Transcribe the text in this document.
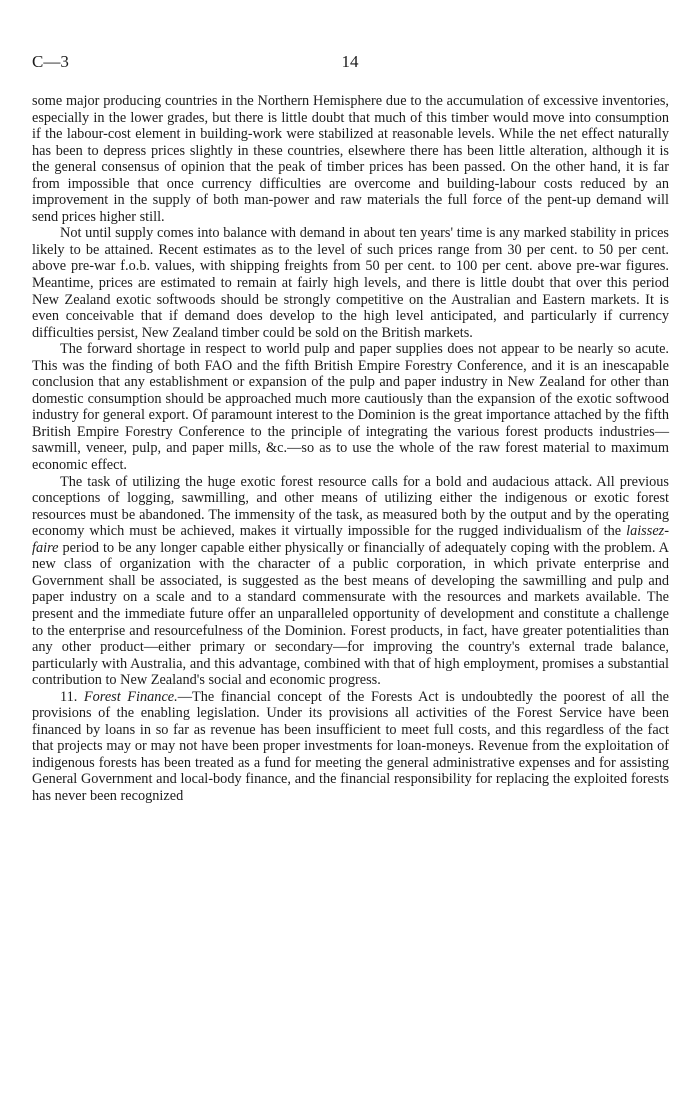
C—3	14

some major producing countries in the Northern Hemisphere due to the accumulation of excessive inventories, especially in the lower grades, but there is little doubt that much of this timber would move into consumption if the labour-cost element in building-work were stabilized at reasonable levels. While the net effect naturally has been to depress prices slightly in these countries, elsewhere there has been little alteration, although it is the general consensus of opinion that the peak of timber prices has been passed. On the other hand, it is far from impossible that once currency difficulties are overcome and building-labour costs reduced by an improvement in the supply of both man-power and raw materials the full force of the pent-up demand will send prices higher still.

Not until supply comes into balance with demand in about ten years' time is any marked stability in prices likely to be attained. Recent estimates as to the level of such prices range from 30 per cent. to 50 per cent. above pre-war f.o.b. values, with shipping freights from 50 per cent. to 100 per cent. above pre-war figures. Meantime, prices are estimated to remain at fairly high levels, and there is little doubt that over this period New Zealand exotic softwoods should be strongly competitive on the Australian and Eastern markets. It is even conceivable that if demand does develop to the high level anticipated, and particularly if currency difficulties persist, New Zealand timber could be sold on the British markets.

The forward shortage in respect to world pulp and paper supplies does not appear to be nearly so acute. This was the finding of both FAO and the fifth British Empire Forestry Conference, and it is an inescapable conclusion that any establishment or expansion of the pulp and paper industry in New Zealand for other than domestic consumption should be approached much more cautiously than the expansion of the exotic softwood industry for general export. Of paramount interest to the Dominion is the great importance attached by the fifth British Empire Forestry Conference to the principle of integrating the various forest products industries—sawmill, veneer, pulp, and paper mills, &c.—so as to use the whole of the raw forest material to maximum economic effect.

The task of utilizing the huge exotic forest resource calls for a bold and audacious attack. All previous conceptions of logging, sawmilling, and other means of utilizing either the indigenous or exotic forest resources must be abandoned. The immensity of the task, as measured both by the output and by the operating economy which must be achieved, makes it virtually impossible for the rugged individualism of the laissez-faire period to be any longer capable either physically or financially of adequately coping with the problem. A new class of organization with the character of a public corporation, in which private enterprise and Government shall be associated, is suggested as the best means of developing the sawmilling and pulp and paper industry on a scale and to a standard commensurate with the resources and markets available. The present and the immediate future offer an unparalleled opportunity of development and constitute a challenge to the enterprise and resourcefulness of the Dominion. Forest products, in fact, have greater potentialities than any other product—either primary or secondary—for improving the country's external trade balance, particularly with Australia, and this advantage, combined with that of high employment, promises a substantial contribution to New Zealand's social and economic progress.

11. Forest Finance.—The financial concept of the Forests Act is undoubtedly the poorest of all the provisions of the enabling legislation. Under its provisions all activities of the Forest Service have been financed by loans in so far as revenue has been insufficient to meet full costs, and this regardless of the fact that projects may or may not have been proper investments for loan-moneys. Revenue from the exploitation of indigenous forests has been treated as a fund for meeting the general administrative expenses and for assisting General Government and local-body finance, and the financial responsibility for replacing the exploited forests has never been recognized
